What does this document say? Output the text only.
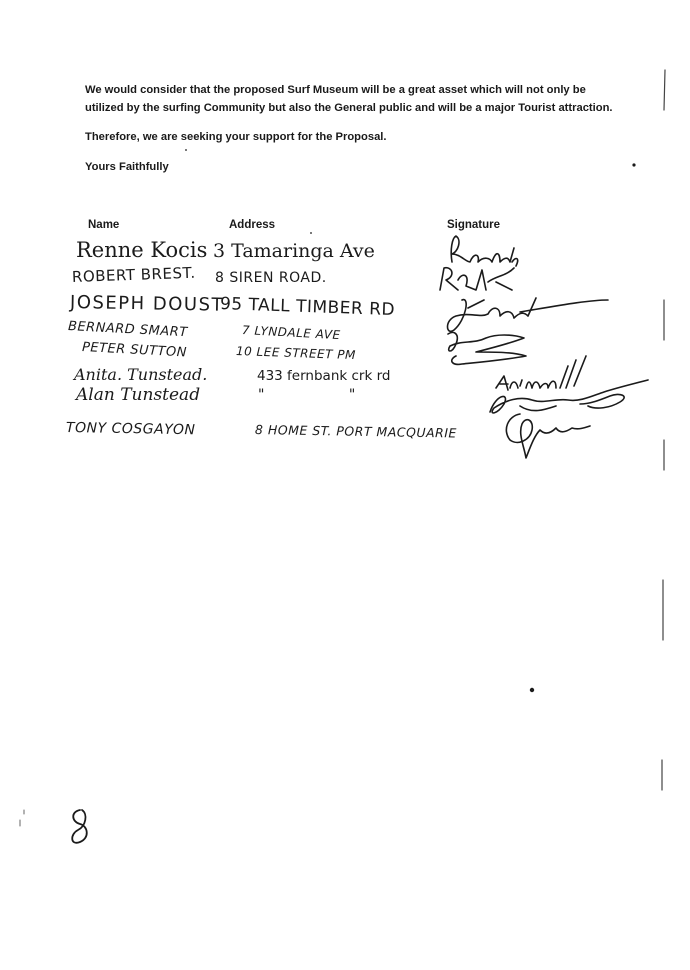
We would consider that the proposed Surf Museum will be a great asset which will not only be
utilized by the surfing Community but also the General public and will be a major Tourist attraction.
Therefore, we are seeking your support for the Proposal.
Yours Faithfully
Name	Address	Signature
Renne Kocis
ROBERT BREST.
JOSEPH DOUST
BERNARD SMART
PETER SUTTON
Anita. Tunstead.
Alan Tunstead
TONY COSGAYON
3 Tamaringa Ave
8 SIREN ROAD.
95 TALL TIMBER RD
7 LYNDALE AVE
10 LEE STREET PM
433 fernbank crk rd
" "
8 HOME ST. PORT MACQUARIE
